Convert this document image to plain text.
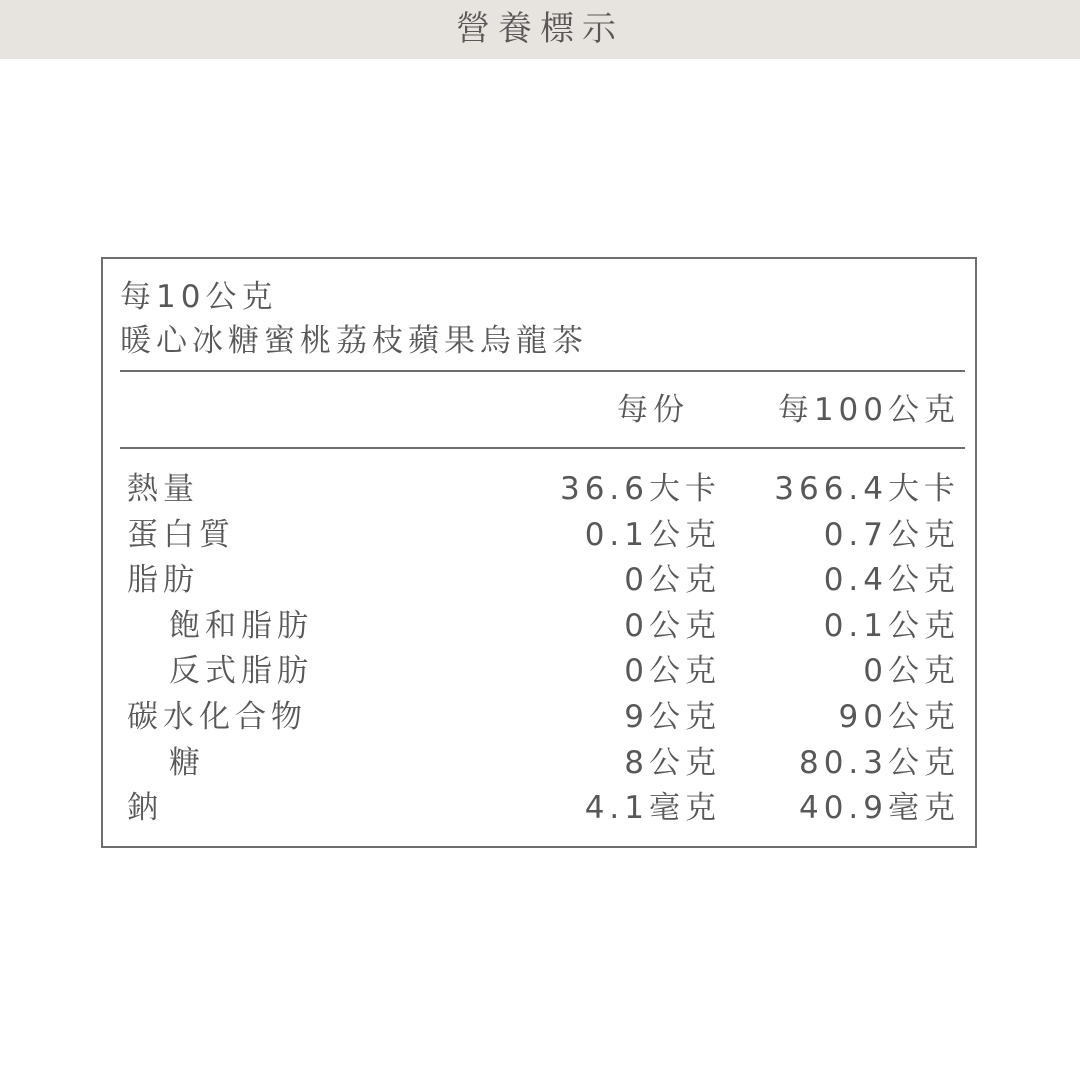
營養標示
每10公克
暖心冰糖蜜桃荔枝蘋果烏龍茶
每份	每100公克
熱量	36.6大卡 366.4大卡
蛋白質	0.1公克	0.7公克
脂肪	0公克	0.4公克
飽和脂肪	0公克	0.1公克
反式脂肪	0公克	0公克
碳水化合物	9公克	90公克
糖	8公克	80.3公克
鈉	4.1毫克	40.9毫克
